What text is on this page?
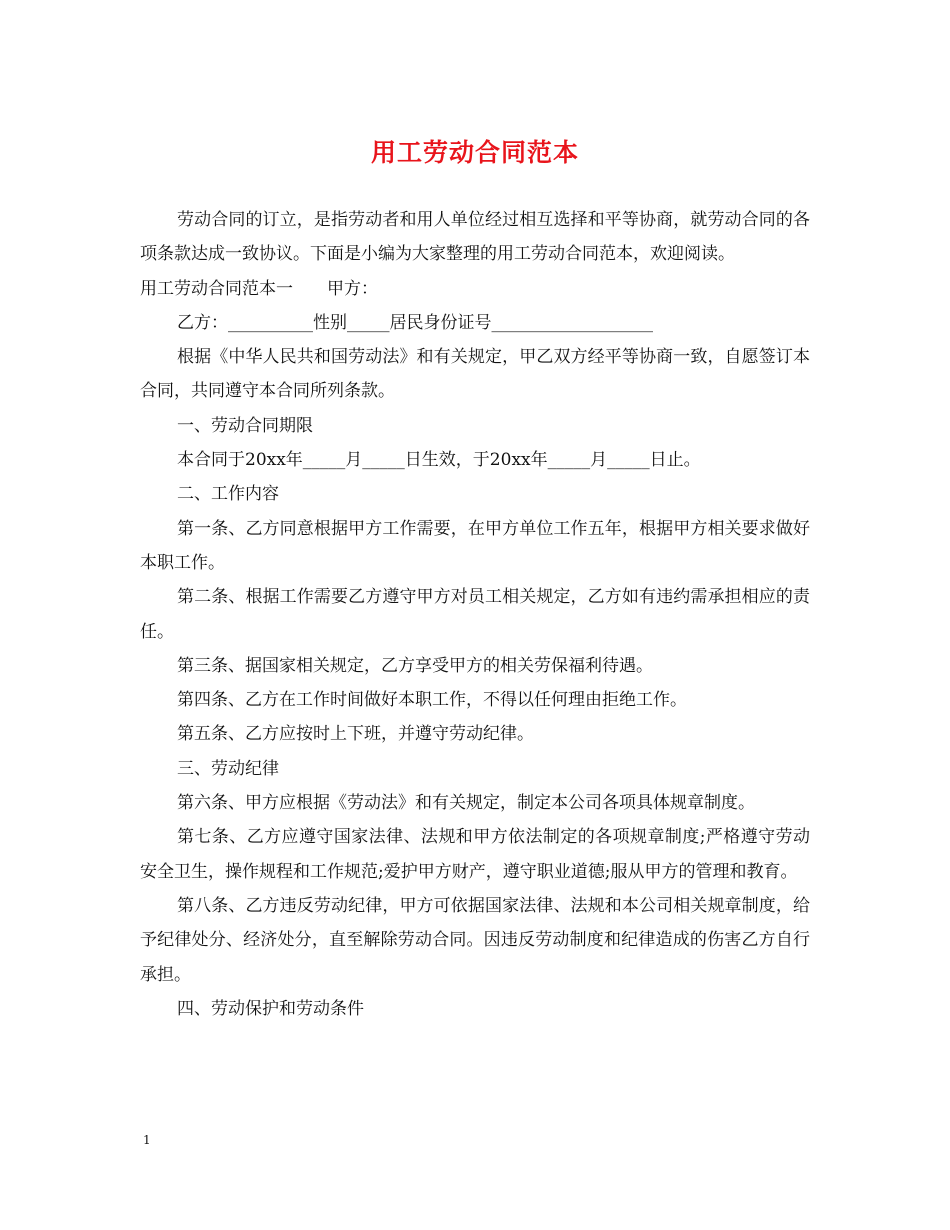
用工劳动合同范本

劳动合同的订立，是指劳动者和用人单位经过相互选择和平等协商，就劳动合同的各项条款达成一致协议。下面是小编为大家整理的用工劳动合同范本，欢迎阅读。

用工劳动合同范本一　　甲方：

乙方：__________性别_____居民身份证号___________________

根据《中华人民共和国劳动法》和有关规定，甲乙双方经平等协商一致，自愿签订本合同，共同遵守本合同所列条款。

一、劳动合同期限

本合同于20xx年_____月_____日生效，于20xx年_____月_____日止。

二、工作内容

第一条、乙方同意根据甲方工作需要，在甲方单位工作五年，根据甲方相关要求做好本职工作。

第二条、根据工作需要乙方遵守甲方对员工相关规定，乙方如有违约需承担相应的责任。

第三条、据国家相关规定，乙方享受甲方的相关劳保福利待遇。

第四条、乙方在工作时间做好本职工作，不得以任何理由拒绝工作。

第五条、乙方应按时上下班，并遵守劳动纪律。

三、劳动纪律

第六条、甲方应根据《劳动法》和有关规定，制定本公司各项具体规章制度。

第七条、乙方应遵守国家法律、法规和甲方依法制定的各项规章制度;严格遵守劳动安全卫生，操作规程和工作规范;爱护甲方财产，遵守职业道德;服从甲方的管理和教育。

第八条、乙方违反劳动纪律，甲方可依据国家法律、法规和本公司相关规章制度，给予纪律处分、经济处分，直至解除劳动合同。因违反劳动制度和纪律造成的伤害乙方自行承担。

四、劳动保护和劳动条件

1
